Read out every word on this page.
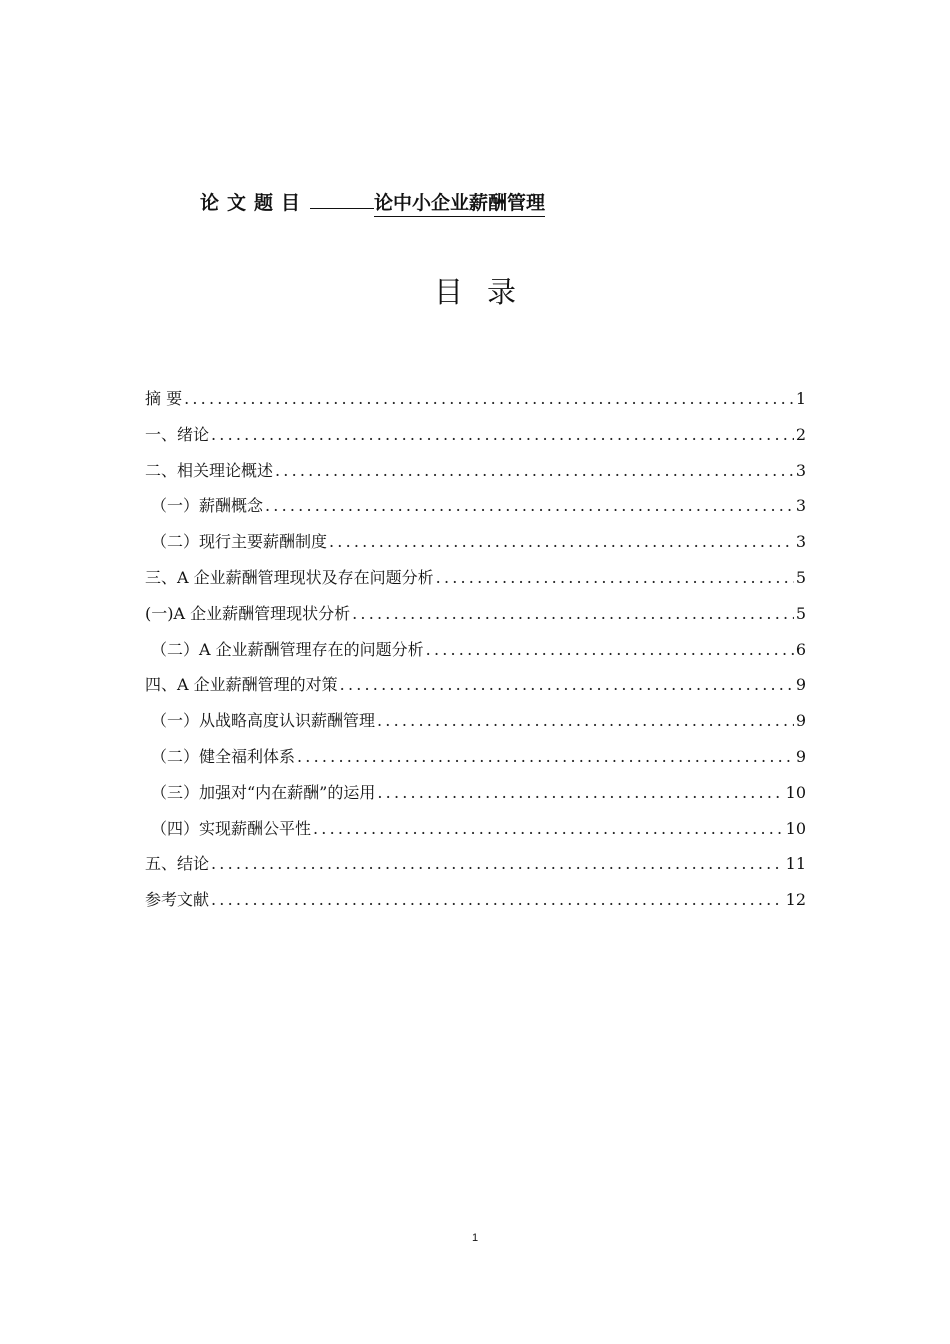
论文题目	论中小企业薪酬管理
目录
摘 要 .....	1
一、绪论 .....	2
二、相关理论概述 .....	3
（一）薪酬概念 .....	3
（二）现行主要薪酬制度 .....	3
三、A 企业薪酬管理现状及存在问题分析 .....	5
(一)A 企业薪酬管理现状分析 .....	5
（二）A 企业薪酬管理存在的问题分析 .....	6
四、A 企业薪酬管理的对策 .....	9
（一）从战略高度认识薪酬管理 .....	9
（二）健全福利体系 .....	9
（三）加强对“内在薪酬”的运用 .....	10
（四）实现薪酬公平性 .....	10
五、结论 .....	11
参考文献 .....	12
1
